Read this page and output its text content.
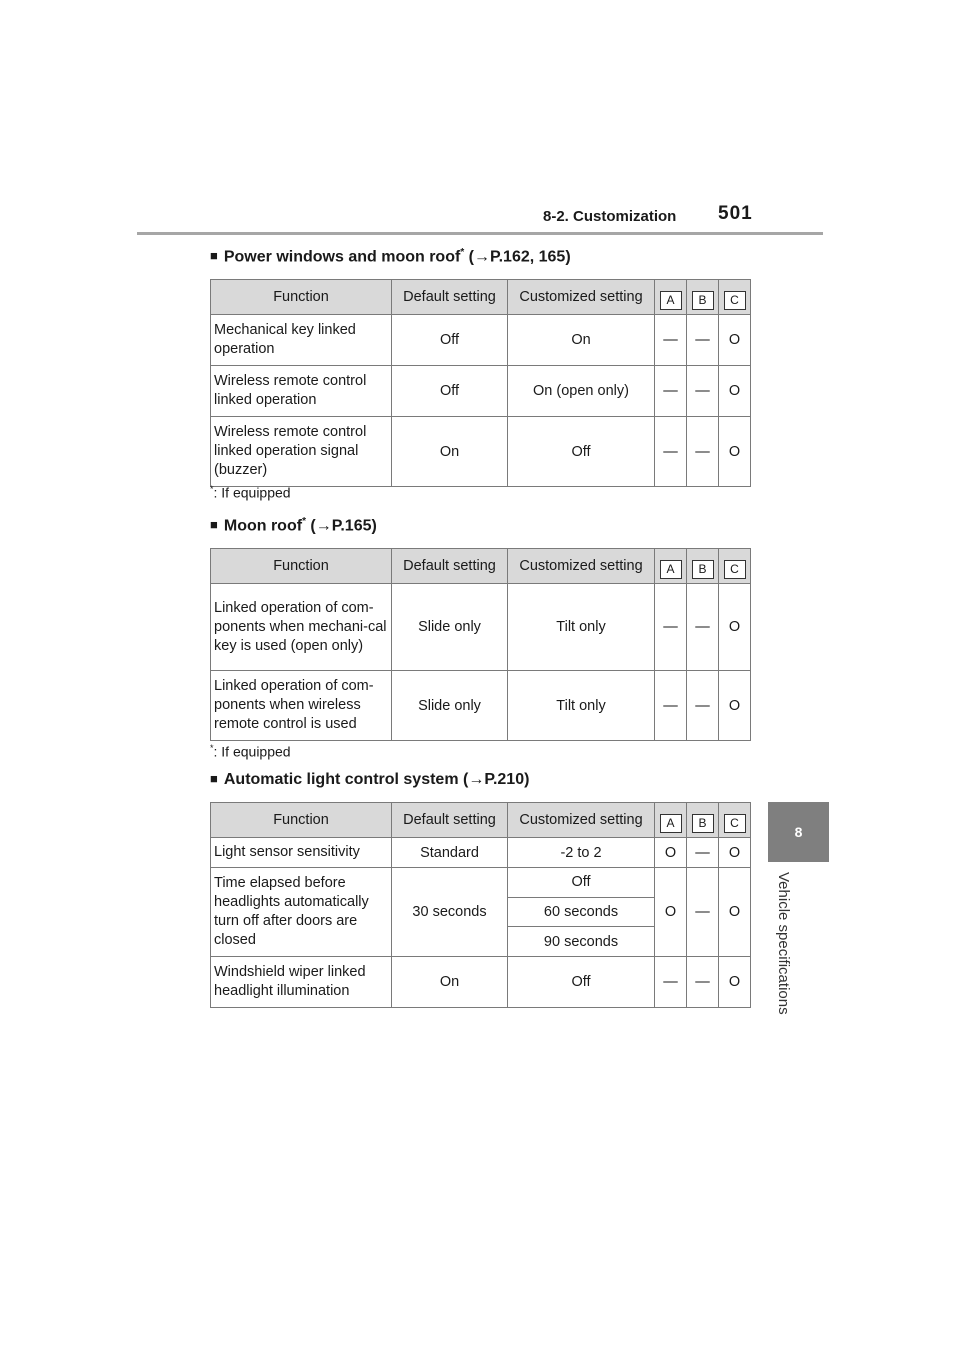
8-2. Customization 501
8
Vehicle specifications
■ Power windows and moon roof* (→P.162, 165)
Function	Default setting	Customized setting	A	B	C
Mechanical key linked operation	Off	On	—	—	O
Wireless remote control linked operation	Off	On (open only)	—	—	O
Wireless remote control linked operation signal (buzzer)	On	Off	—	—	O
*: If equipped
■ Moon roof* (→P.165)
Function	Default setting	Customized setting	A	B	C
Linked operation of com-ponents when mechani-cal key is used (open only)	Slide only	Tilt only	—	—	O
Linked operation of com-ponents when wireless remote control is used	Slide only	Tilt only	—	—	O
*: If equipped
■ Automatic light control system (→P.210)
Function	Default setting	Customized setting	A	B	C
Light sensor sensitivity	Standard	-2 to 2	O	—	O
Time elapsed before headlights automatically turn off after doors are closed	30 seconds	Off	O	—	O
		60 seconds			
		90 seconds			
Windshield wiper linked headlight illumination	On	Off	—	—	O
